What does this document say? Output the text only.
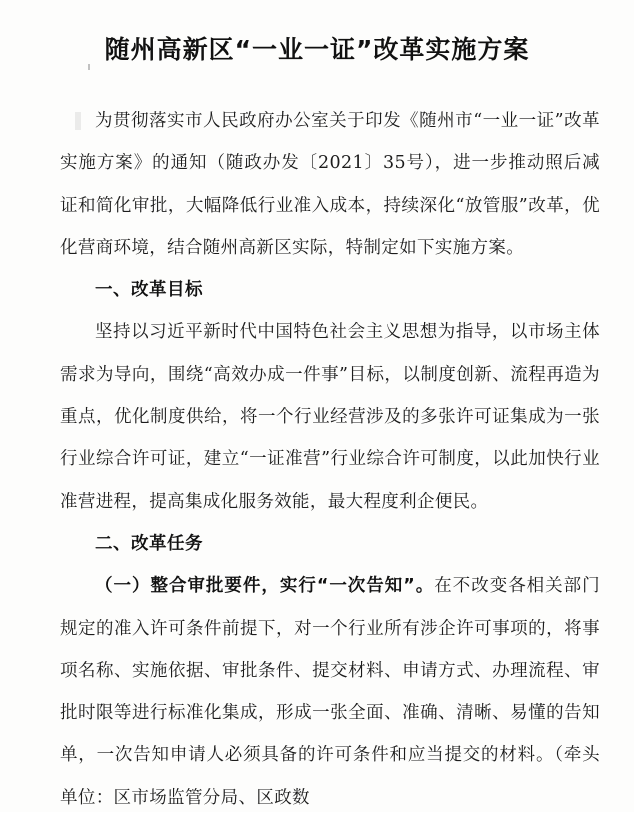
随州高新区“一业一证”改革实施方案

为贯彻落实市人民政府办公室关于印发《随州市“一业一证”改革实施方案》的通知（随政办发〔2021〕35号），进一步推动照后减证和简化审批，大幅降低行业准入成本，持续深化“放管服”改革，优化营商环境，结合随州高新区实际，特制定如下实施方案。

一、改革目标

坚持以习近平新时代中国特色社会主义思想为指导，以市场主体需求为导向，围绕“高效办成一件事”目标，以制度创新、流程再造为重点，优化制度供给，将一个行业经营涉及的多张许可证集成为一张行业综合许可证，建立“一证准营”行业综合许可制度，以此加快行业准营进程，提高集成化服务效能，最大程度利企便民。

二、改革任务

（一）整合审批要件，实行“一次告知”。在不改变各相关部门规定的准入许可条件前提下，对一个行业所有涉企许可事项的，将事项名称、实施依据、审批条件、提交材料、申请方式、办理流程、审批时限等进行标准化集成，形成一张全面、准确、清晰、易懂的告知单，一次告知申请人必须具备的许可条件和应当提交的材料。（牵头单位：区市场监管分局、区政数
